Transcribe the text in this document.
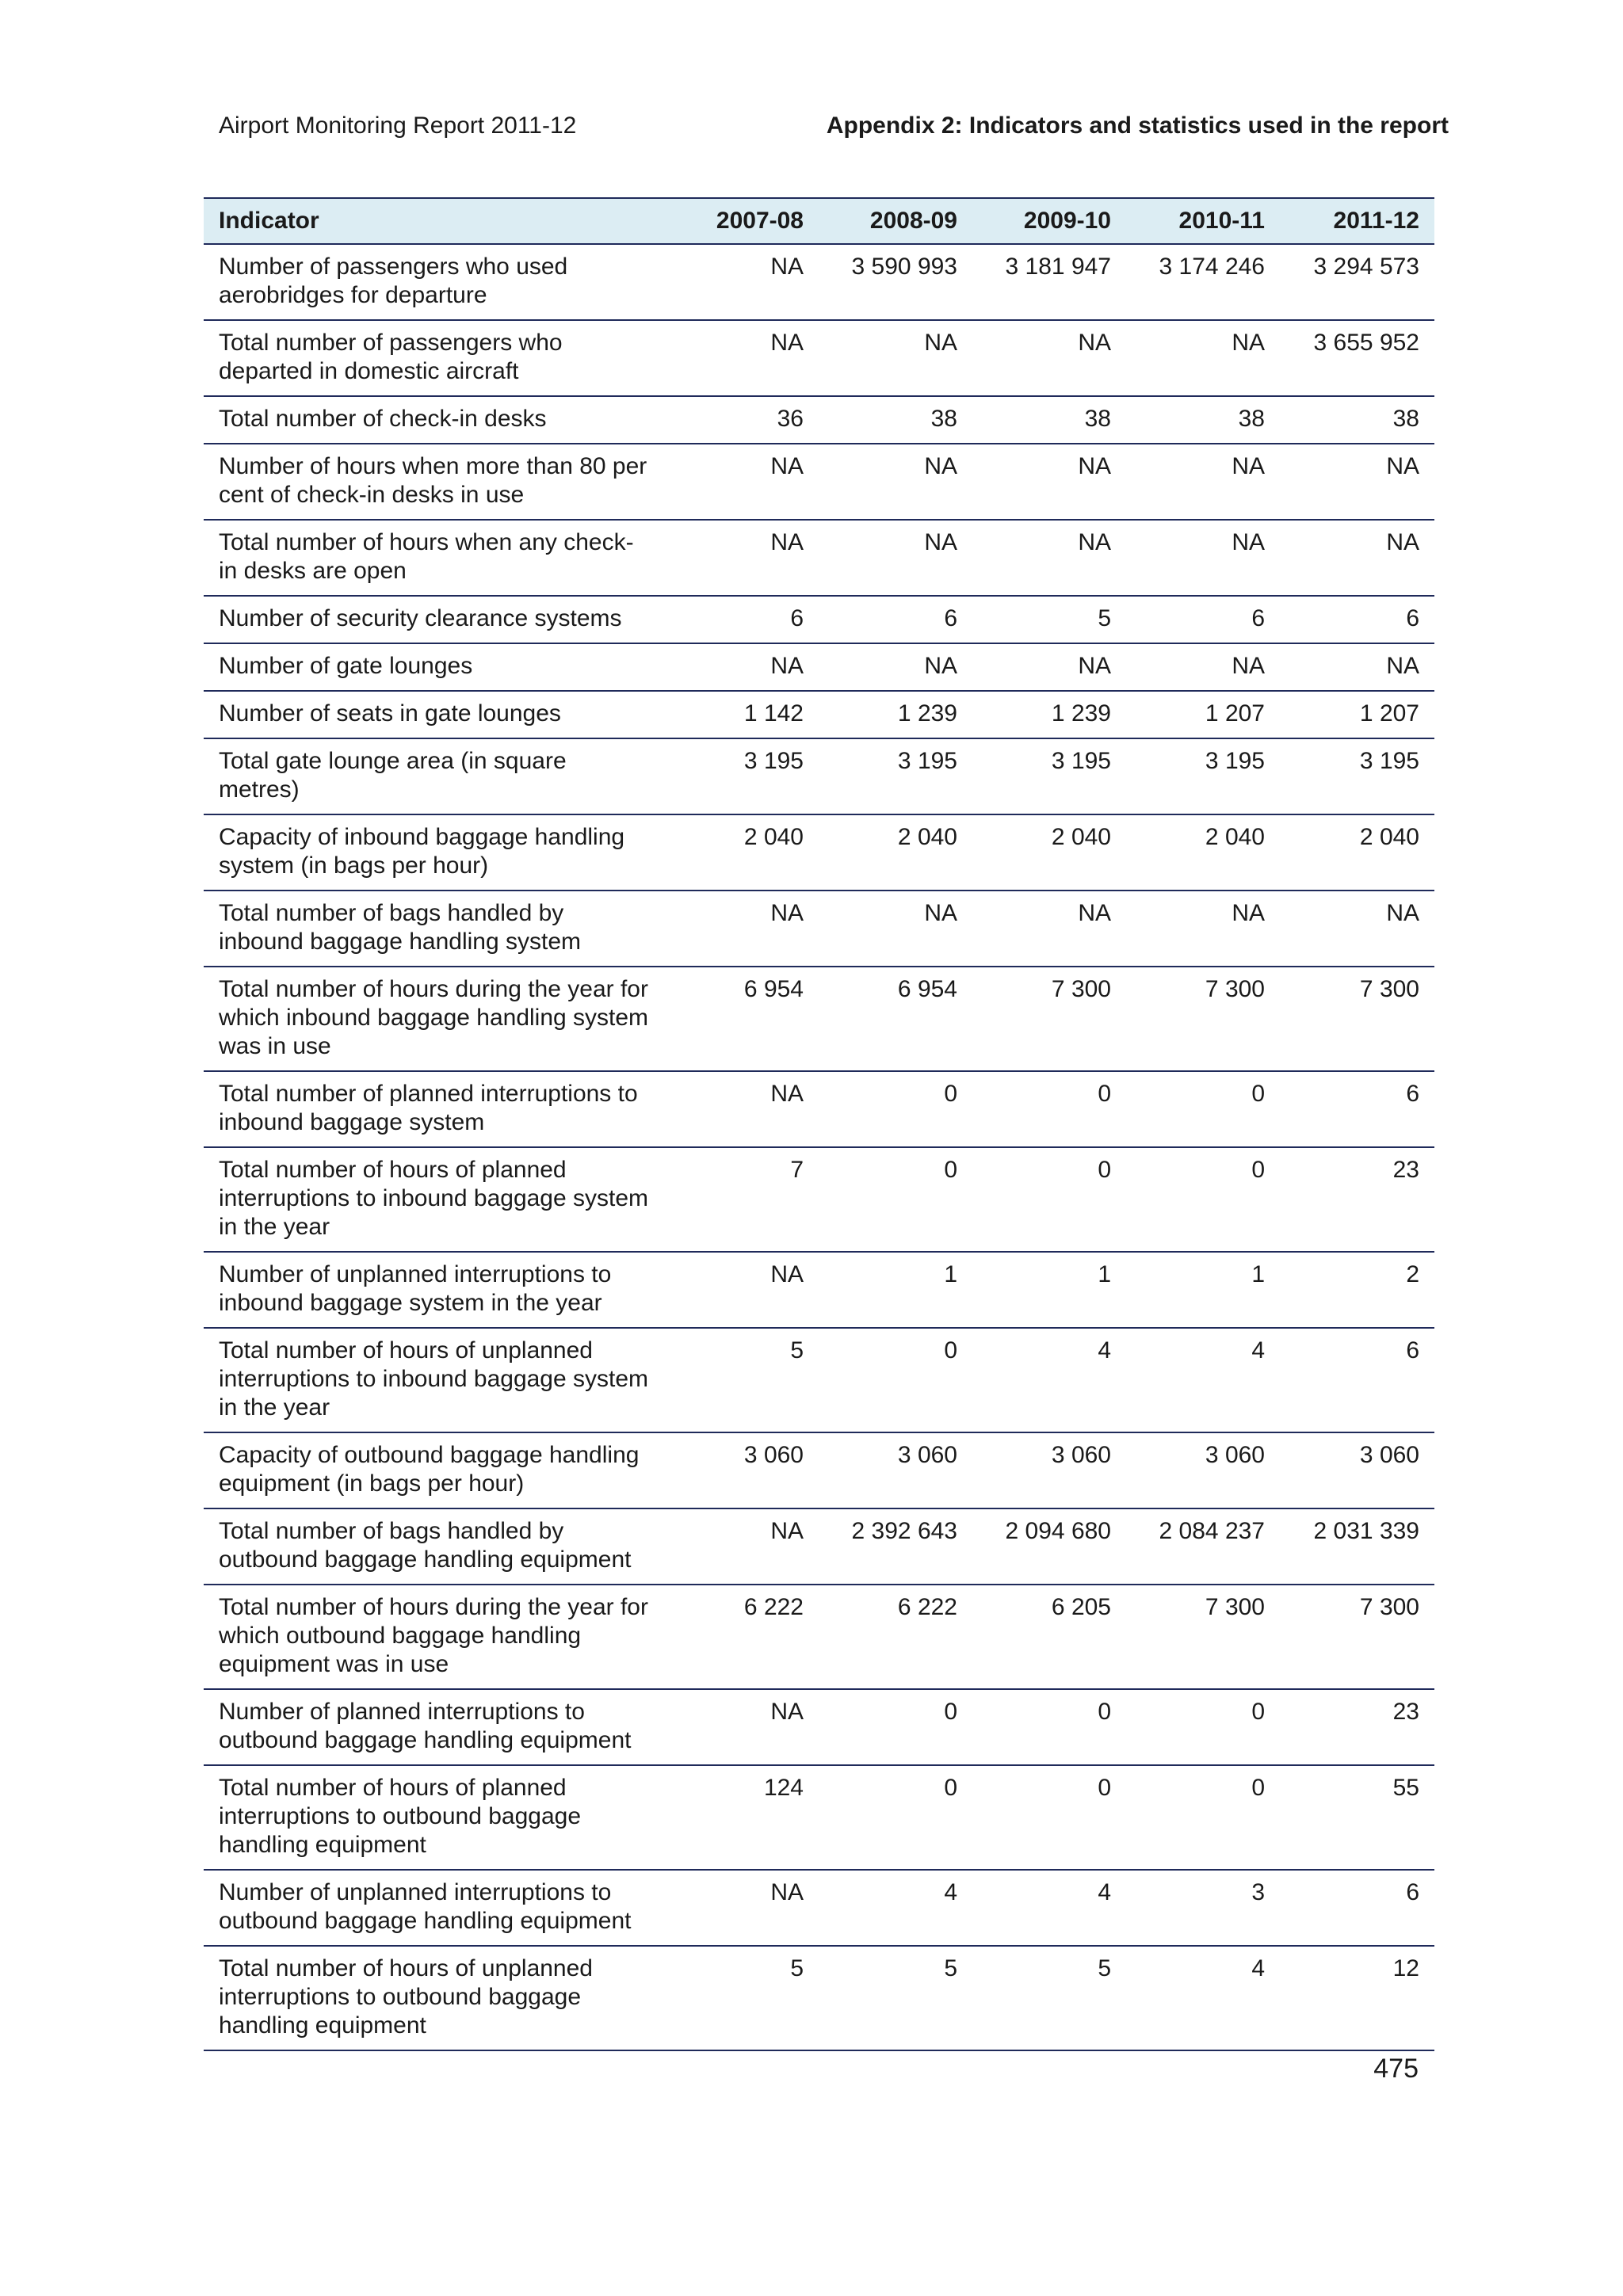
Airport Monitoring Report 2011-12	Appendix 2: Indicators and statistics used in the report
Indicator	2007-08	2008-09	2009-10	2010-11	2011-12
Number of passengers who used aerobridges for departure	NA	3 590 993	3 181 947	3 174 246	3 294 573
Total number of passengers who departed in domestic aircraft	NA	NA	NA	NA	3 655 952
Total number of check-in desks	36	38	38	38	38
Number of hours when more than 80 per cent of check-in desks in use	NA	NA	NA	NA	NA
Total number of hours when any check-in desks are open	NA	NA	NA	NA	NA
Number of security clearance systems	6	6	5	6	6
Number of gate lounges	NA	NA	NA	NA	NA
Number of seats in gate lounges	1 142	1 239	1 239	1 207	1 207
Total gate lounge area (in square metres)	3 195	3 195	3 195	3 195	3 195
Capacity of inbound baggage handling system (in bags per hour)	2 040	2 040	2 040	2 040	2 040
Total number of bags handled by inbound baggage handling system	NA	NA	NA	NA	NA
Total number of hours during the year for which inbound baggage handling system was in use	6 954	6 954	7 300	7 300	7 300
Total number of planned interruptions to inbound baggage system	NA	0	0	0	6
Total number of hours of planned interruptions to inbound baggage system in the year	7	0	0	0	23
Number of unplanned interruptions to inbound baggage system in the year	NA	1	1	1	2
Total number of hours of unplanned interruptions to inbound baggage system in the year	5	0	4	4	6
Capacity of outbound baggage handling equipment (in bags per hour)	3 060	3 060	3 060	3 060	3 060
Total number of bags handled by outbound baggage handling equipment	NA	2 392 643	2 094 680	2 084 237	2 031 339
Total number of hours during the year for which outbound baggage handling equipment was in use	6 222	6 222	6 205	7 300	7 300
Number of planned interruptions to outbound baggage handling equipment	NA	0	0	0	23
Total number of hours of planned interruptions to outbound baggage handling equipment	124	0	0	0	55
Number of unplanned interruptions to outbound baggage handling equipment	NA	4	4	3	6
Total number of hours of unplanned interruptions to outbound baggage handling equipment	5	5	5	4	12
475
